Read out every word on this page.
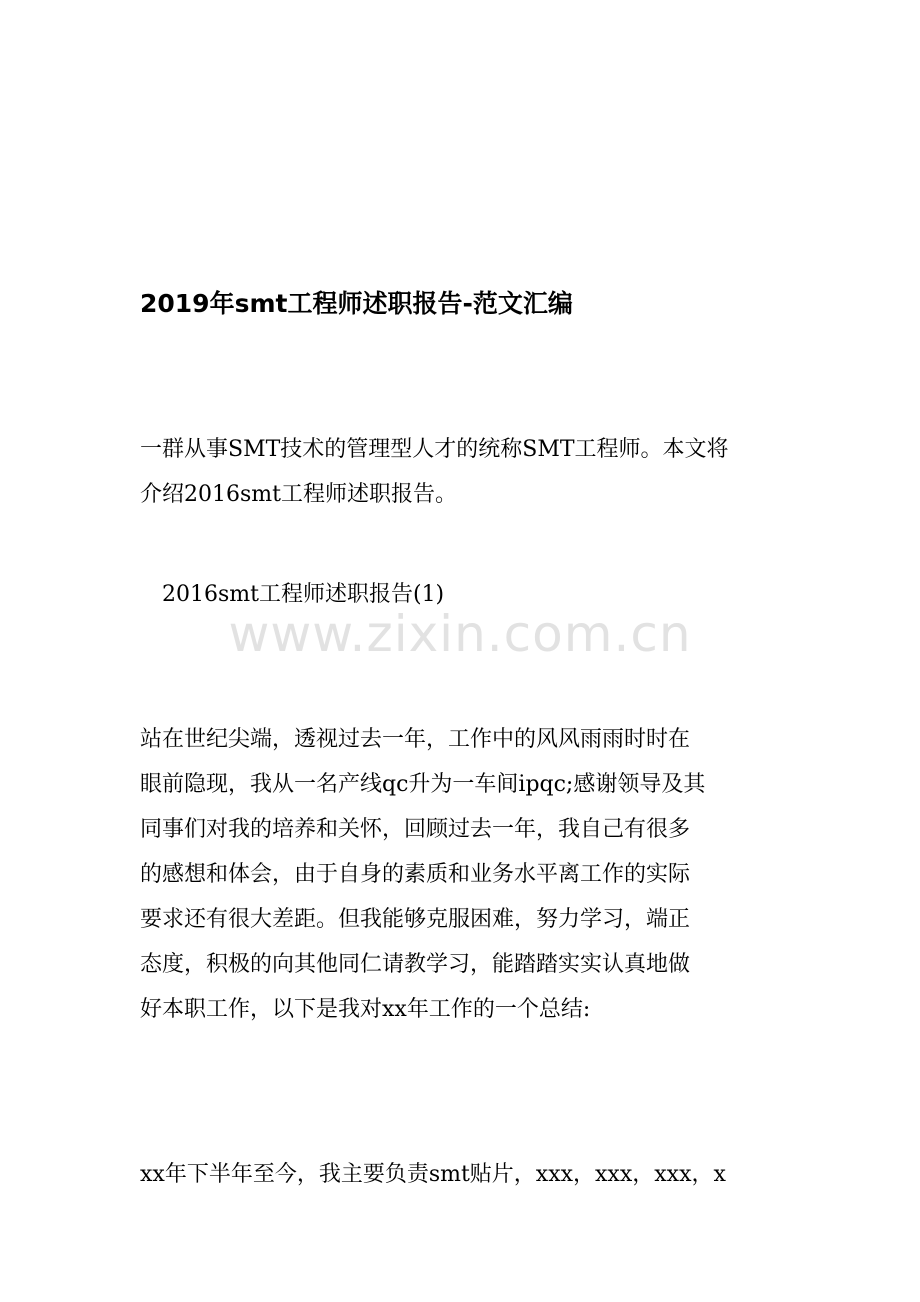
2019年smt工程师述职报告-范文汇编
一群从事SMT技术的管理型人才的统称SMT工程师。本文将
介绍2016smt工程师述职报告。
2016smt工程师述职报告(1)
www.zixin.com.cn
站在世纪尖端，透视过去一年，工作中的风风雨雨时时在
眼前隐现，我从一名产线qc升为一车间ipqc;感谢领导及其
同事们对我的培养和关怀，回顾过去一年，我自己有很多
的感想和体会，由于自身的素质和业务水平离工作的实际
要求还有很大差距。但我能够克服困难，努力学习，端正
态度，积极的向其他同仁请教学习，能踏踏实实认真地做
好本职工作，以下是我对xx年工作的一个总结:
xx年下半年至今，我主要负责smt贴片，xxx，xxx，xxx，x
